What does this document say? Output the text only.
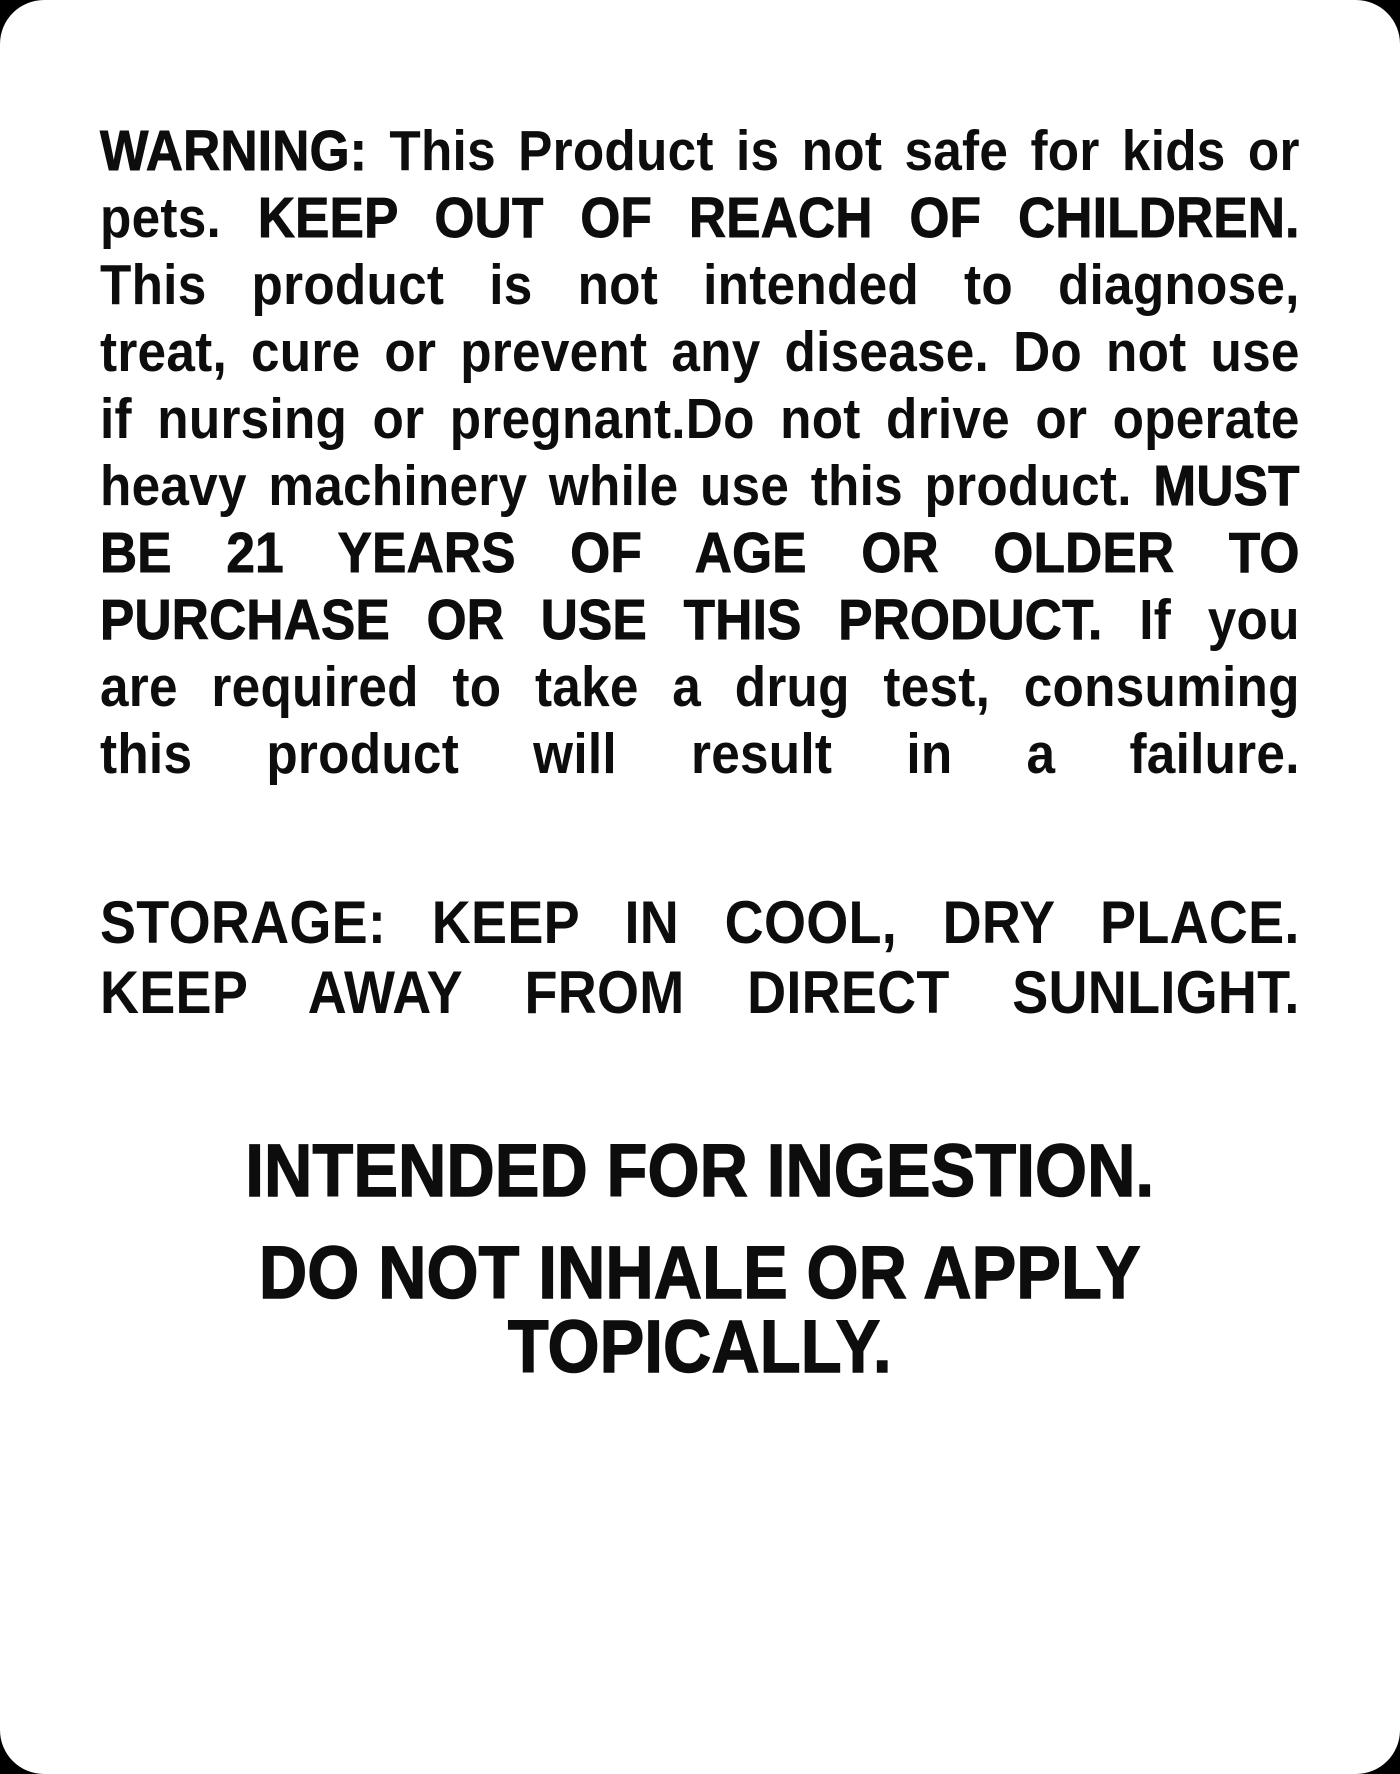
WARNING: This Product is not safe for kids or pets. KEEP OUT OF REACH OF CHILDREN. This product is not intended to diagnose, treat, cure or prevent any disease. Do not use if nursing or pregnant.Do not drive or operate heavy machinery while use this product. MUST BE 21 YEARS OF AGE OR OLDER TO PURCHASE OR USE THIS PRODUCT. If you are required to take a drug test, consuming this product will result in a failure.

STORAGE: KEEP IN COOL, DRY PLACE.
KEEP AWAY FROM DIRECT SUNLIGHT.
INTENDED FOR INGESTION.
DO NOT INHALE OR APPLY TOPICALLY.
